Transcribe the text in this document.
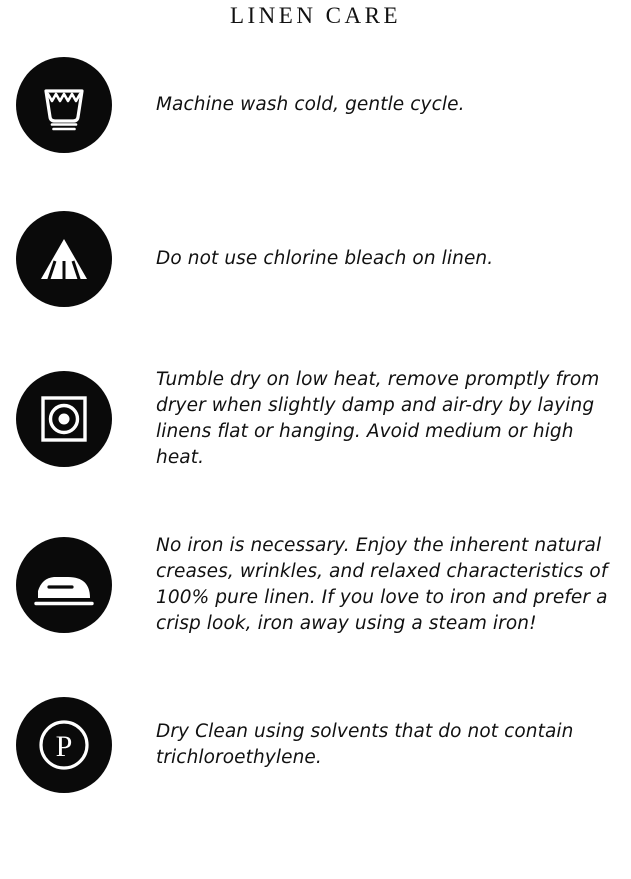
LINEN CARE

Machine wash cold, gentle cycle.

Do not use chlorine bleach on linen.

Tumble dry on low heat, remove promptly from dryer when slightly damp and air-dry by laying linens flat or hanging. Avoid medium or high heat.

No iron is necessary. Enjoy the inherent natural creases, wrinkles, and relaxed characteristics of 100% pure linen. If you love to iron and prefer a crisp look, iron away using a steam iron!

P	Dry Clean using solvents that do not contain trichloroethylene.
